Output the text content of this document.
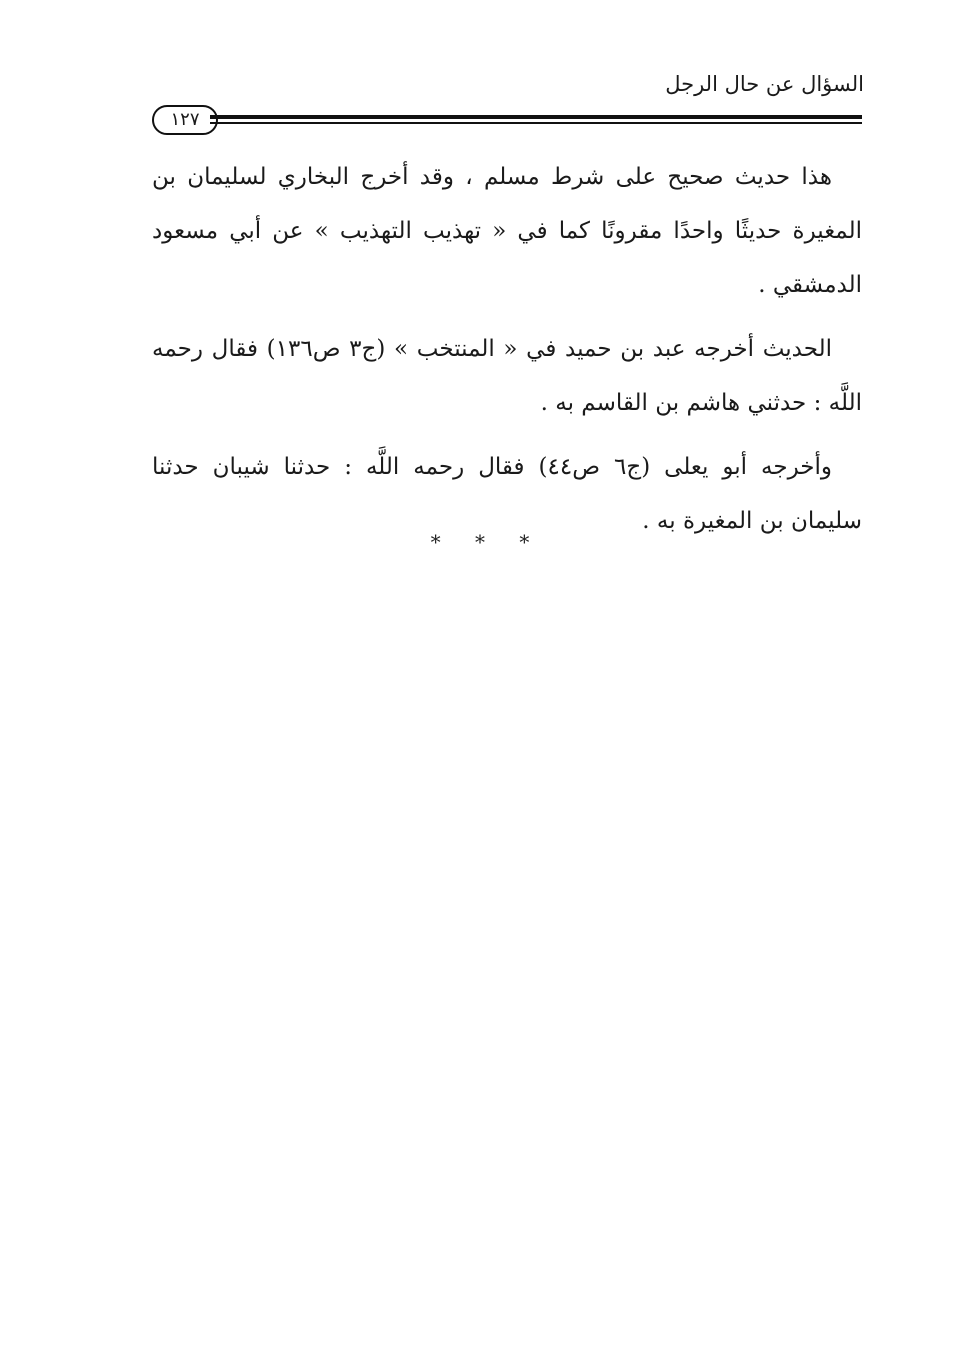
السؤال عن حال الرجل
١٢٧

هذا حديث صحيح على شرط مسلم ، وقد أخرج البخاري لسليمان بن المغيرة حديثًا واحدًا مقرونًا كما في « تهذيب التهذيب » عن أبي مسعود الدمشقي .

الحديث أخرجه عبد بن حميد في « المنتخب » (ج٣ ص١٣٦) فقال رحمه اللَّه : حدثني هاشم بن القاسم به .

وأخرجه أبو يعلى (ج٦ ص٤٤) فقال رحمه اللَّه : حدثنا شيبان حدثنا سليمان بن المغيرة به .

* * *
